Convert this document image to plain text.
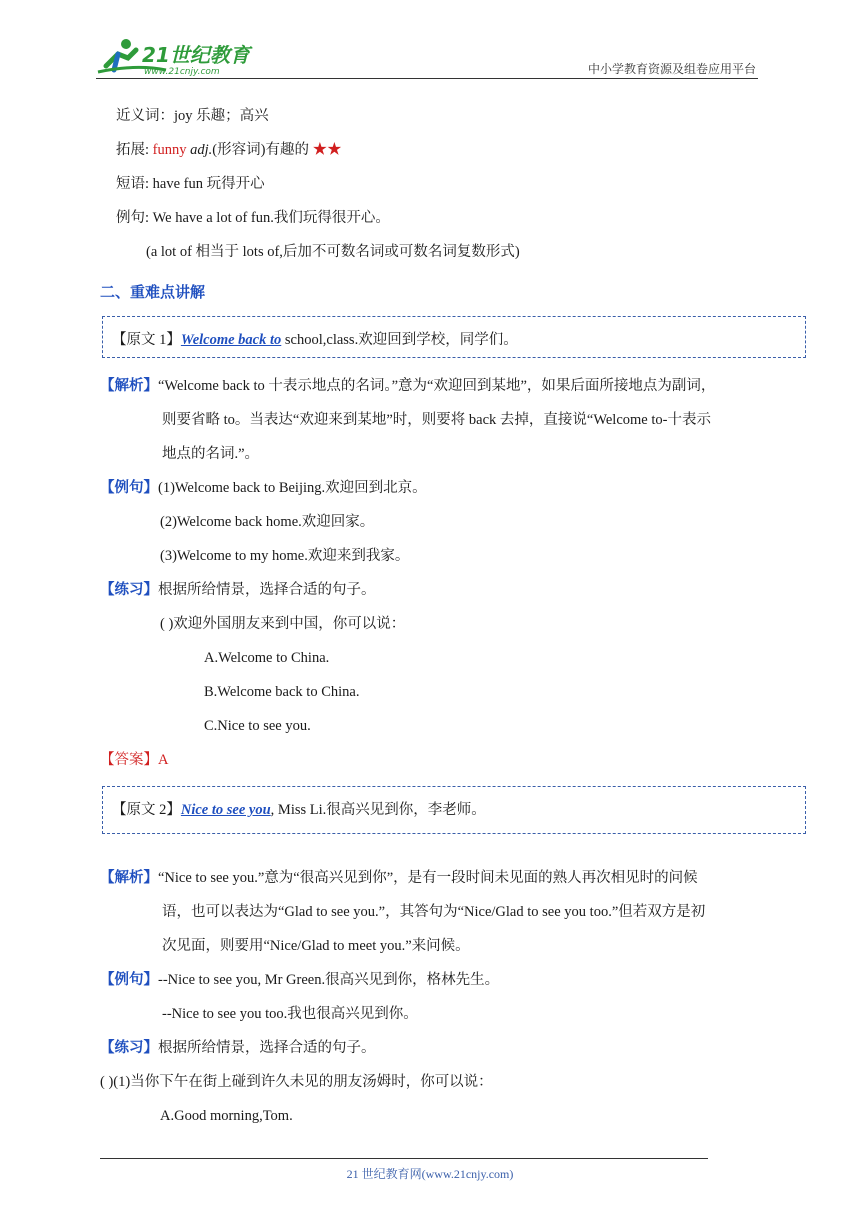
21世纪教育
www.21cnjy.com	中小学教育资源及组卷应用平台
近义词：joy 乐趣；高兴
拓展: funny adj.(形容词)有趣的 ★★
短语: have fun 玩得开心
例句: We have a lot of fun.我们玩得很开心。
(a lot of 相当于 lots of,后加不可数名词或可数名词复数形式)
二、重难点讲解
【原文 1】Welcome back to school,class.欢迎回到学校，同学们。
【解析】“Welcome back to 十表示地点的名词。”意为“欢迎回到某地”，如果后面所接地点为副词，
则要省略 to。当表达“欢迎来到某地”时，则要将 back 去掉，直接说“Welcome to-十表示
地点的名词.”。
【例句】(1)Welcome back to Beijing.欢迎回到北京。
(2)Welcome back home.欢迎回家。
(3)Welcome to my home.欢迎来到我家。
【练习】根据所给情景，选择合适的句子。
( )欢迎外国朋友来到中国，你可以说：
A.Welcome to China.
B.Welcome back to China.
C.Nice to see you.
【答案】A
【原文 2】Nice to see you, Miss Li.很高兴见到你，李老师。
【解析】“Nice to see you.”意为“很高兴见到你”，是有一段时间未见面的熟人再次相见时的问候
语，也可以表达为“Glad to see you.”，其答句为“Nice/Glad to see you too.”但若双方是初
次见面，则要用“Nice/Glad to meet you.”来问候。
【例句】--Nice to see you, Mr Green.很高兴见到你，格林先生。
--Nice to see you too.我也很高兴见到你。
【练习】根据所给情景，选择合适的句子。
( )(1)当你下午在街上碰到许久未见的朋友汤姆时，你可以说：
A.Good morning,Tom.
21 世纪教育网(www.21cnjy.com)
